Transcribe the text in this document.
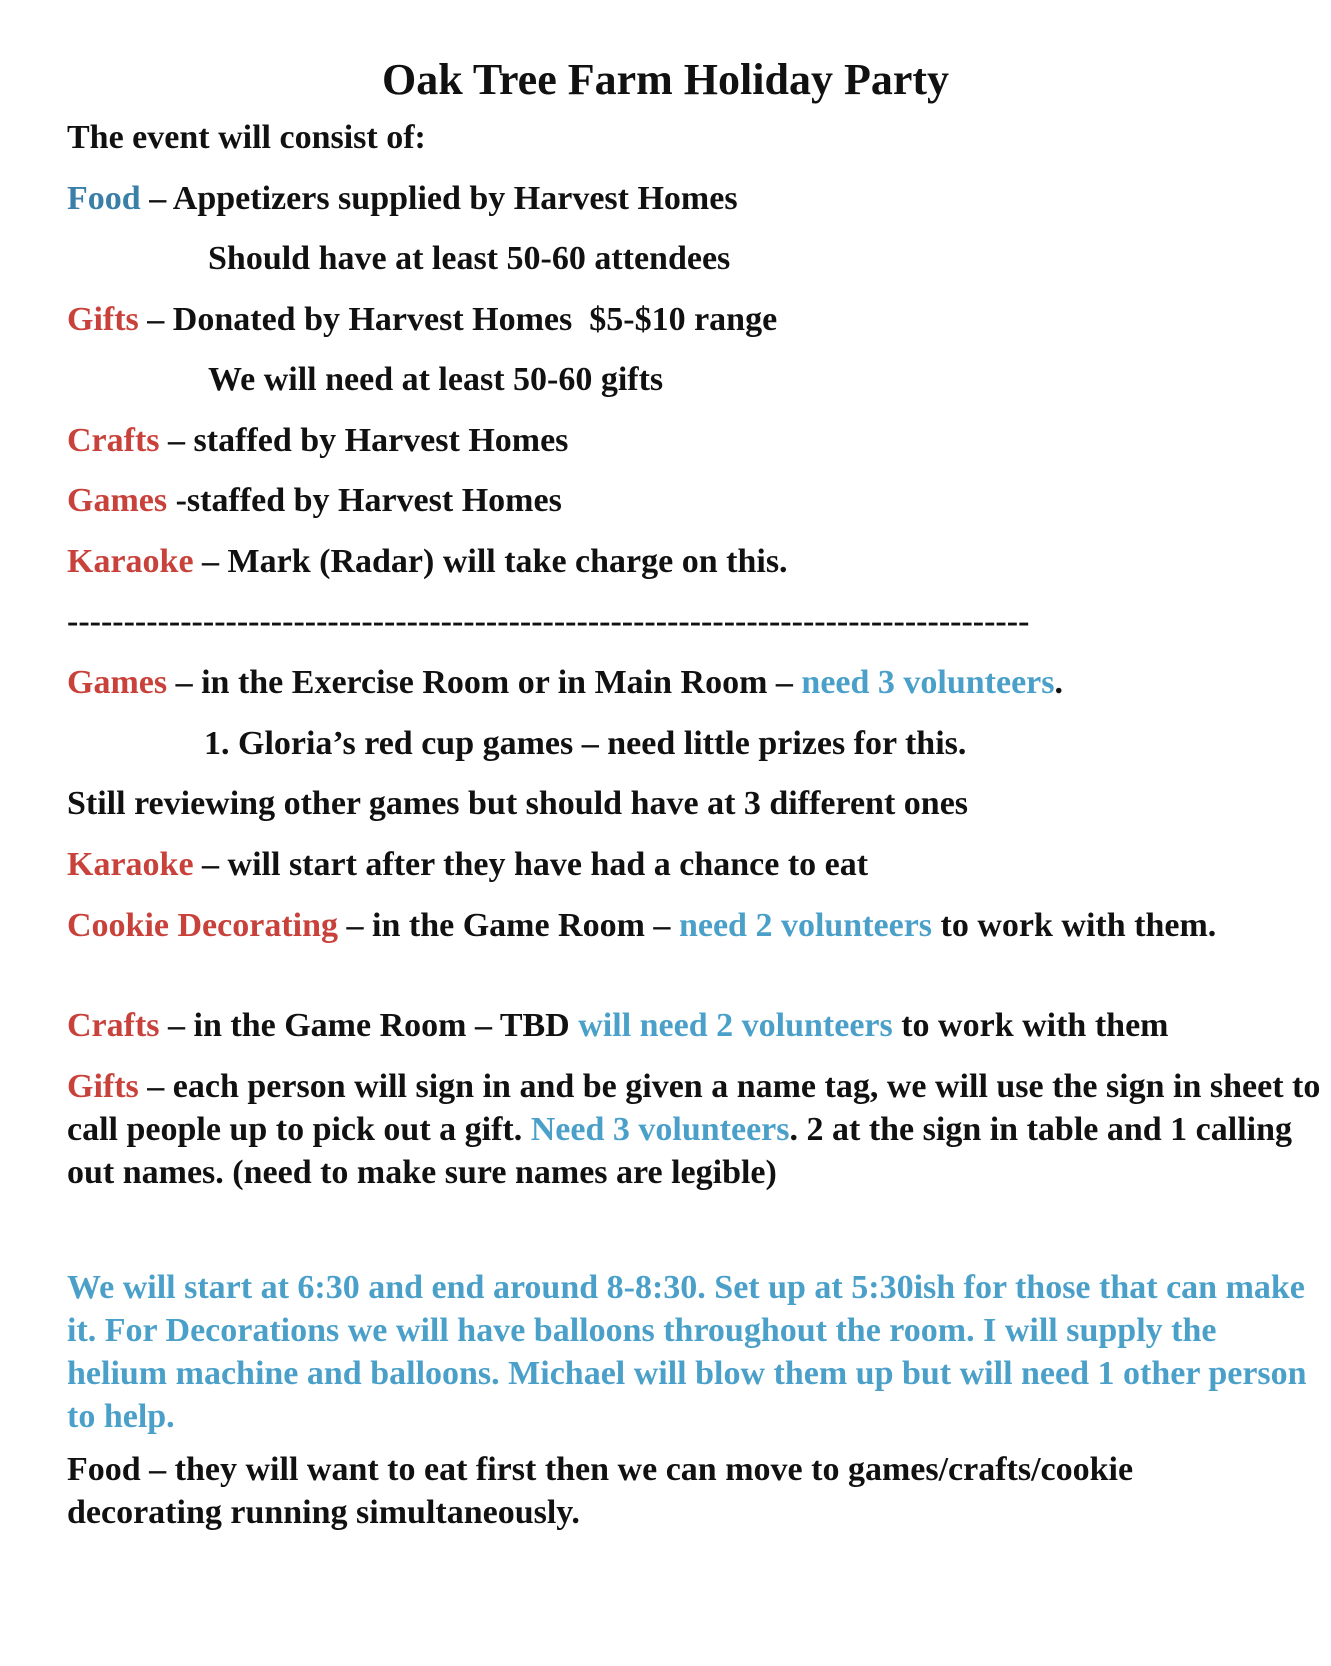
Oak Tree Farm Holiday Party
The event will consist of:
Food – Appetizers supplied by Harvest Homes
Should have at least 50-60 attendees
Gifts – Donated by Harvest Homes  $5-$10 range
We will need at least 50-60 gifts
Crafts – staffed by Harvest Homes
Games -staffed by Harvest Homes
Karaoke – Mark (Radar) will take charge on this.
-------------------------------------------------------------------------------------
Games – in the Exercise Room or in Main Room – need 3 volunteers.
1. Gloria’s red cup games – need little prizes for this.
Still reviewing other games but should have at 3 different ones
Karaoke – will start after they have had a chance to eat
Cookie Decorating – in the Game Room – need 2 volunteers to work with them.
Crafts – in the Game Room – TBD will need 2 volunteers to work with them
Gifts – each person will sign in and be given a name tag, we will use the sign in sheet to call people up to pick out a gift. Need 3 volunteers. 2 at the sign in table and 1 calling out names. (need to make sure names are legible)
We will start at 6:30 and end around 8-8:30. Set up at 5:30ish for those that can make it. For Decorations we will have balloons throughout the room. I will supply the helium machine and balloons. Michael will blow them up but will need 1 other person to help.
Food – they will want to eat first then we can move to games/crafts/cookie decorating running simultaneously.
